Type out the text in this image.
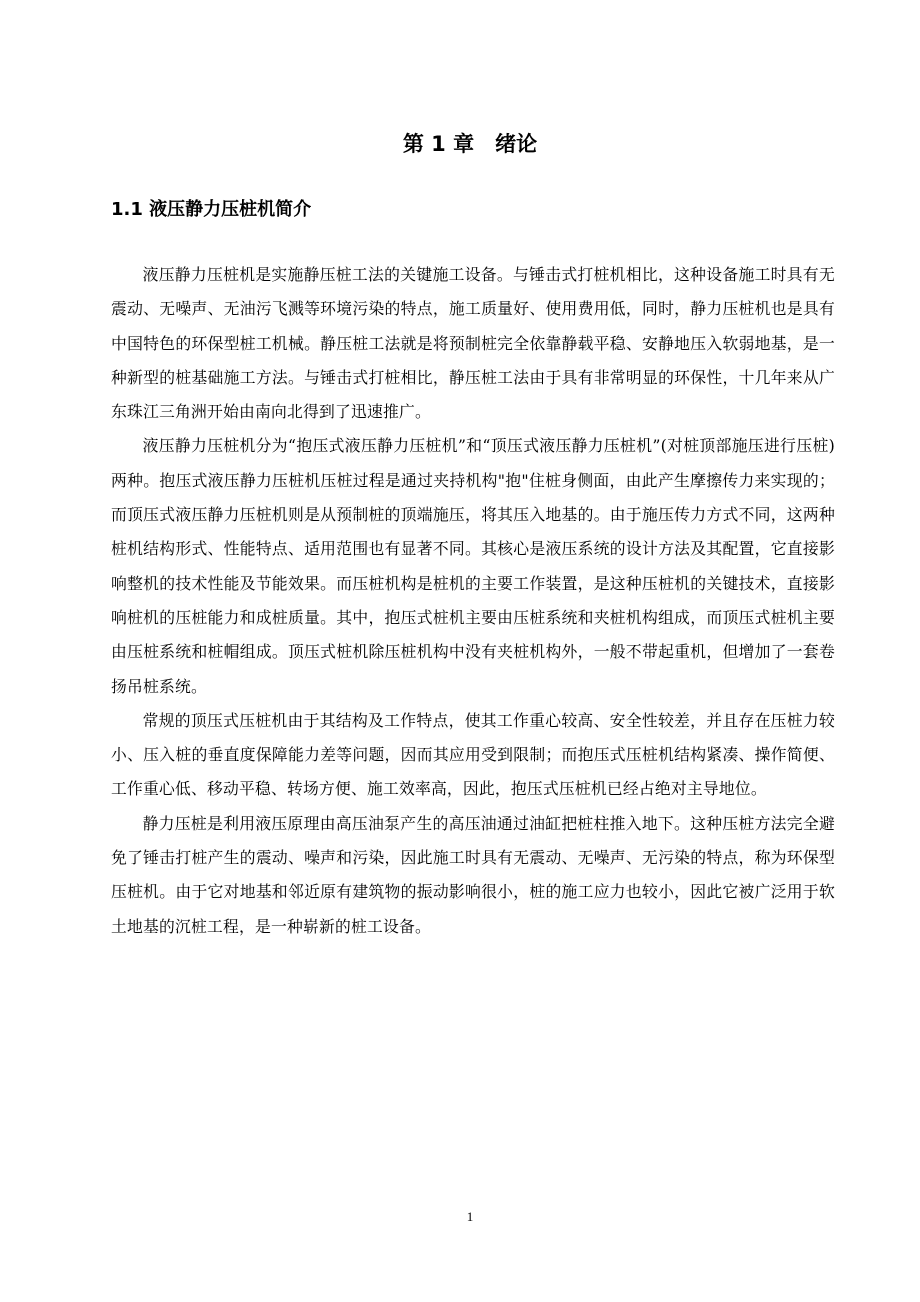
第 1 章　绪论
1.1 液压静力压桩机简介

液压静力压桩机是实施静压桩工法的关键施工设备。与锤击式打桩机相比，这种设备施工时具有无震动、无噪声、无油污飞溅等环境污染的特点，施工质量好、使用费用低，同时，静力压桩机也是具有中国特色的环保型桩工机械。静压桩工法就是将预制桩完全依靠静载平稳、安静地压入软弱地基，是一种新型的桩基础施工方法。与锤击式打桩相比，静压桩工法由于具有非常明显的环保性，十几年来从广东珠江三角洲开始由南向北得到了迅速推广。

液压静力压桩机分为“抱压式液压静力压桩机”和“顶压式液压静力压桩机”(对桩顶部施压进行压桩)两种。抱压式液压静力压桩机压桩过程是通过夹持机构"抱"住桩身侧面，由此产生摩擦传力来实现的；而顶压式液压静力压桩机则是从预制桩的顶端施压，将其压入地基的。由于施压传力方式不同，这两种桩机结构形式、性能特点、适用范围也有显著不同。其核心是液压系统的设计方法及其配置，它直接影响整机的技术性能及节能效果。而压桩机构是桩机的主要工作装置，是这种压桩机的关键技术，直接影响桩机的压桩能力和成桩质量。其中，抱压式桩机主要由压桩系统和夹桩机构组成，而顶压式桩机主要由压桩系统和桩帽组成。顶压式桩机除压桩机构中没有夹桩机构外，一般不带起重机，但增加了一套卷扬吊桩系统。

常规的顶压式压桩机由于其结构及工作特点，使其工作重心较高、安全性较差，并且存在压桩力较小、压入桩的垂直度保障能力差等问题，因而其应用受到限制；而抱压式压桩机结构紧凑、操作简便、工作重心低、移动平稳、转场方便、施工效率高，因此，抱压式压桩机已经占绝对主导地位。

静力压桩是利用液压原理由高压油泵产生的高压油通过油缸把桩柱推入地下。这种压桩方法完全避免了锤击打桩产生的震动、噪声和污染，因此施工时具有无震动、无噪声、无污染的特点，称为环保型压桩机。由于它对地基和邻近原有建筑物的振动影响很小，桩的施工应力也较小，因此它被广泛用于软土地基的沉桩工程，是一种崭新的桩工设备。

1
